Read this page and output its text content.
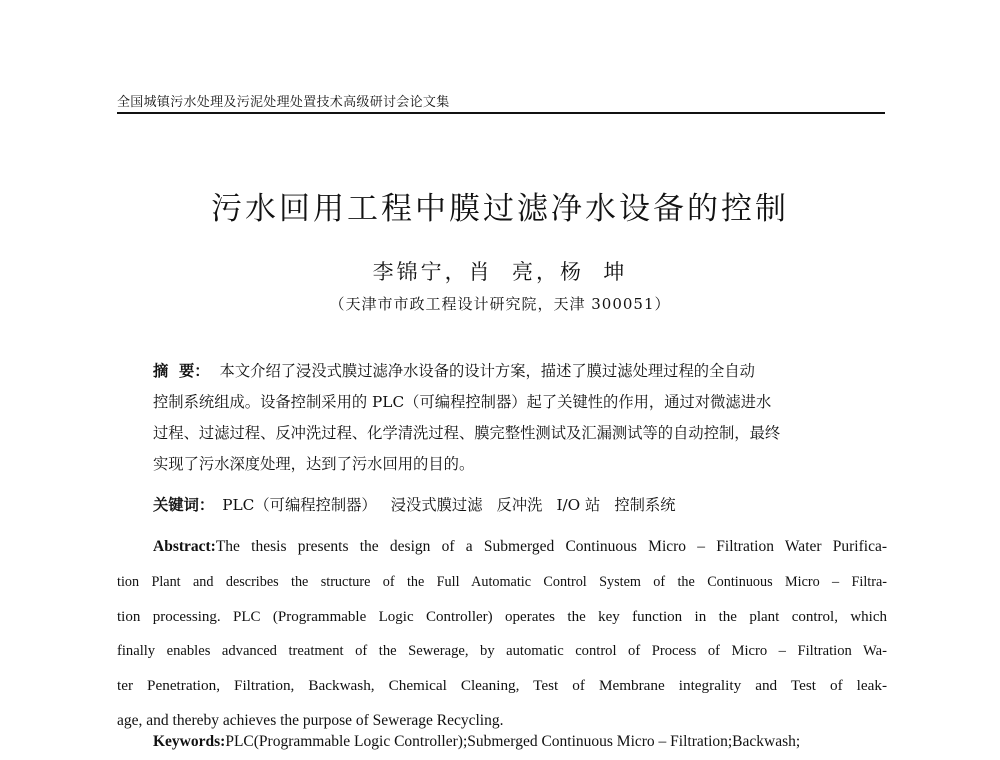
全国城镇污水处理及污泥处理处置技术高级研讨会论文集
污水回用工程中膜过滤净水设备的控制
李锦宁，肖  亮，杨  坤
（天津市市政工程设计研究院，天津 300051）
摘  要： 本文介绍了浸没式膜过滤净水设备的设计方案，描述了膜过滤处理过程的全自动
控制系统组成。设备控制采用的 PLC（可编程控制器）起了关键性的作用，通过对微滤进水
过程、过滤过程、反冲洗过程、化学清洗过程、膜完整性测试及汇漏测试等的自动控制，最终
实现了污水深度处理，达到了污水回用的目的。
关键词： PLC（可编程控制器） 浸没式膜过滤 反冲洗 I/O 站 控制系统
Abstract:The thesis presents the design of a Submerged Continuous Micro – Filtration Water Purifica-
tion Plant and describes the structure of the Full Automatic Control System of the Continuous Micro – Filtra-
tion processing. PLC (Programmable Logic Controller) operates the key function in the plant control, which
finally enables advanced treatment of the Sewerage, by automatic control of Process of Micro – Filtration Wa-
ter Penetration, Filtration, Backwash, Chemical Cleaning, Test of Membrane integrality and Test of leak-
age, and thereby achieves the purpose of Sewerage Recycling.
Keywords:PLC(Programmable Logic Controller);Submerged Continuous Micro – Filtration;Backwash;
